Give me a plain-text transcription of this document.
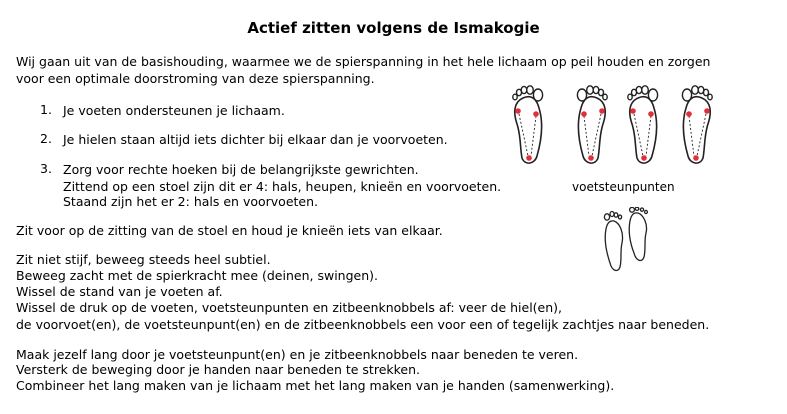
Actief zitten volgens de Ismakogie
Wij gaan uit van de basishouding, waarmee we de spierspanning in het hele lichaam op peil houden en zorgen
voor een optimale doorstroming van deze spierspanning.
1. Je voeten ondersteunen je lichaam.
2. Je hielen staan altijd iets dichter bij elkaar dan je voorvoeten.
3. Zorg voor rechte hoeken bij de belangrijkste gewrichten.
Zittend op een stoel zijn dit er 4: hals, heupen, knieën en voorvoeten.
Staand zijn het er 2: hals en voorvoeten.
voetsteunpunten
Zit voor op de zitting van de stoel en houd je knieën iets van elkaar.
Zit niet stijf, beweeg steeds heel subtiel.
Beweeg zacht met de spierkracht mee (deinen, swingen).
Wissel de stand van je voeten af.
Wissel de druk op de voeten, voetsteunpunten en zitbeenknobbels af: veer de hiel(en),
de voorvoet(en), de voetsteunpunt(en) en de zitbeenknobbels een voor een of tegelijk zachtjes naar beneden.
Maak jezelf lang door je voetsteunpunt(en) en je zitbeenknobbels naar beneden te veren.
Versterk de beweging door je handen naar beneden te strekken.
Combineer het lang maken van je lichaam met het lang maken van je handen (samenwerking).
